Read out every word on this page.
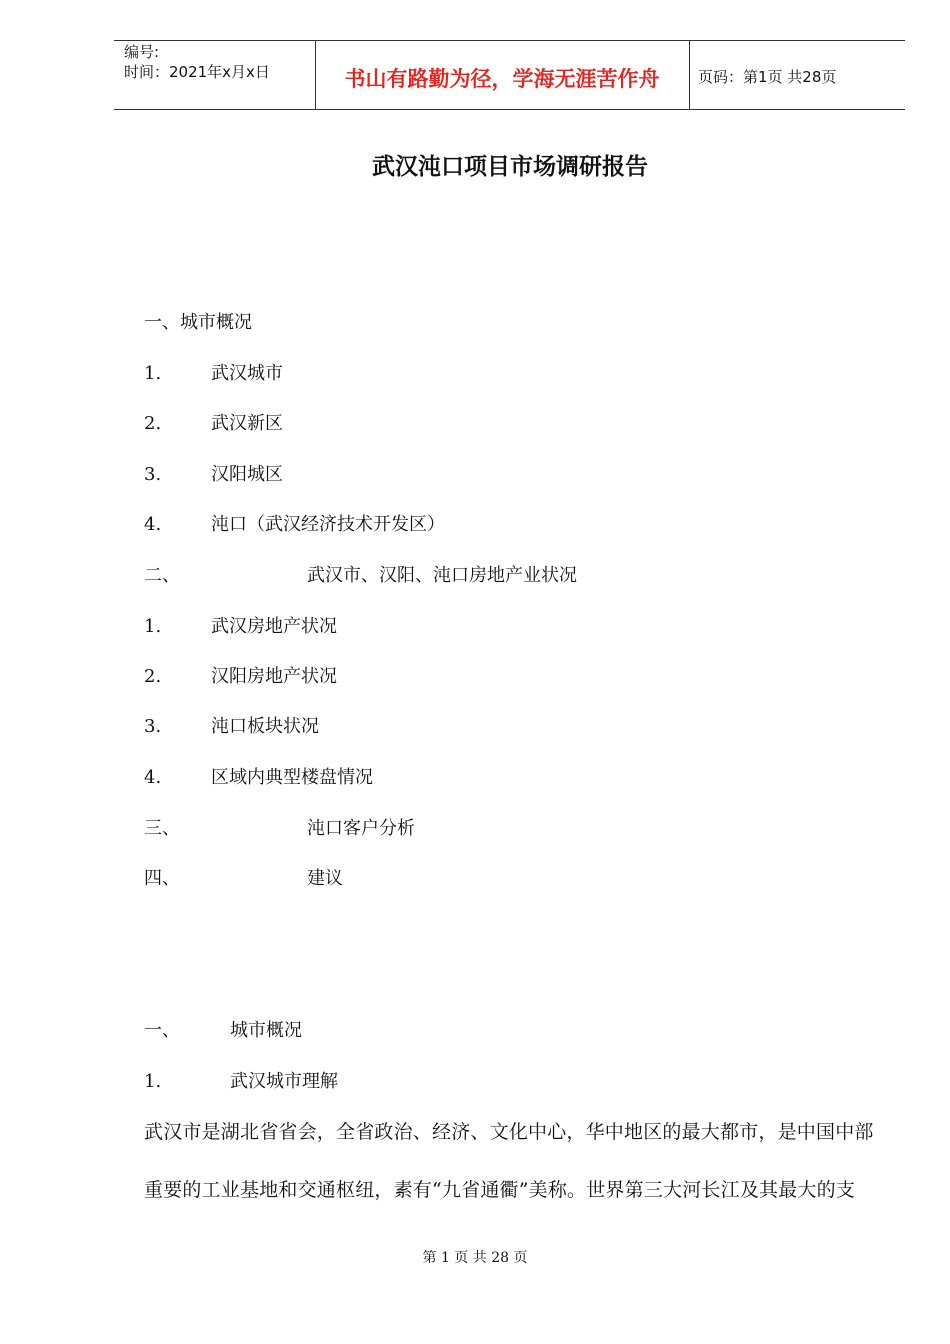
编号:
时间：2021年x月x日	书山有路勤为径，学海无涯苦作舟	页码：第1页 共28页
武汉沌口项目市场调研报告
一、城市概况
1.	武汉城市
2.	武汉新区
3.	汉阳城区
4.	沌口（武汉经济技术开发区）
二、	武汉市、汉阳、沌口房地产业状况
1.	武汉房地产状况
2.	汉阳房地产状况
3.	沌口板块状况
4.	区域内典型楼盘情况
三、	沌口客户分析
四、	建议
一、	城市概况
1.	武汉城市理解
武汉市是湖北省省会，全省政治、经济、文化中心，华中地区的最大都市，是中国中部
重要的工业基地和交通枢纽，素有“九省通衢”美称。世界第三大河长江及其最大的支
第 1 页 共 28 页
